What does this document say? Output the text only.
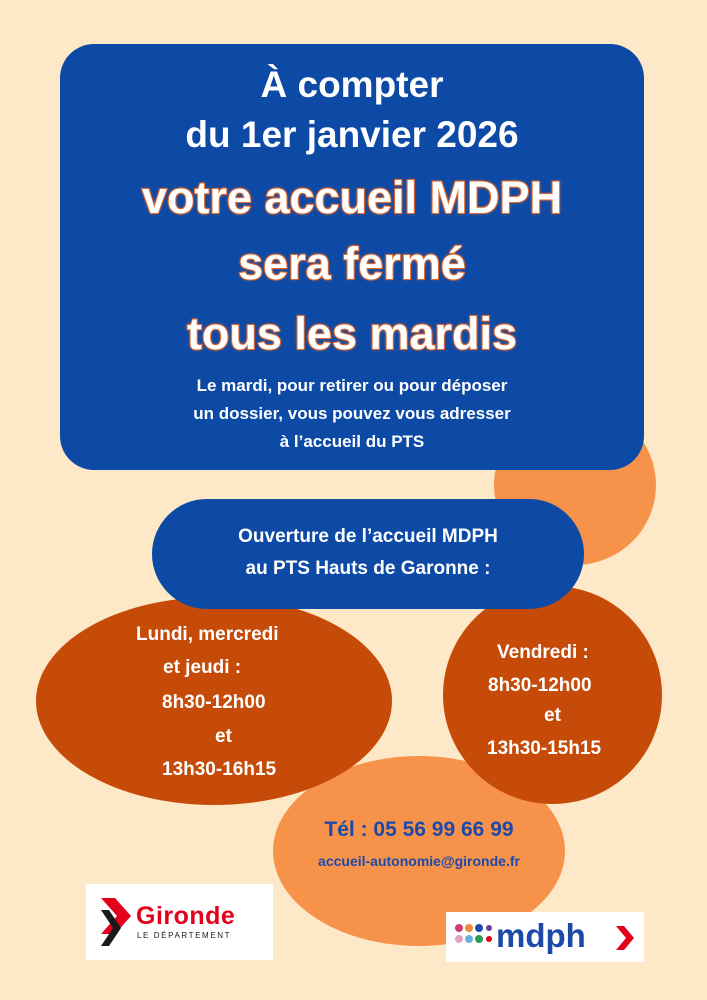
À compter
du 1er janvier 2026
votre accueil MDPH
sera fermé
tous les mardis
Le mardi, pour retirer ou pour déposer
un dossier, vous pouvez vous adresser
à l’accueil du PTS
Lundi, mercredi
et jeudi :
8h30-12h00
et
13h30-16h15
Vendredi :
8h30-12h00
et
13h30-15h15
Ouverture de l’accueil MDPH
au PTS Hauts de Garonne :
Tél : 05 56 99 66 99
accueil-autonomie@gironde.fr
Gironde
LE DÉPARTEMENT	mdph
